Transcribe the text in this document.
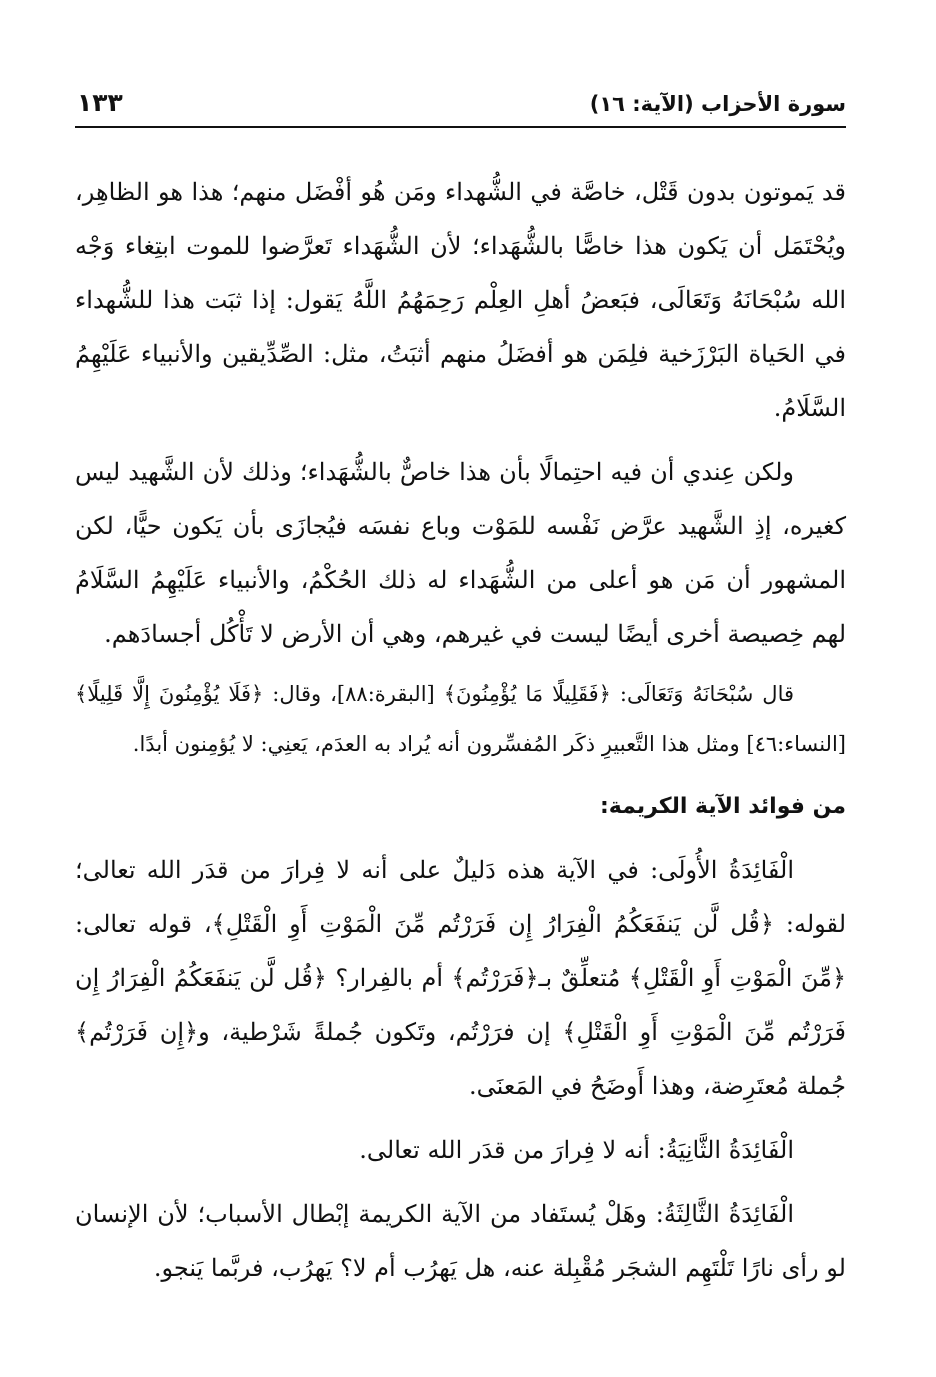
سورة الأحزاب (الآية: ١٦)
١٣٣

قد يَموتون بدون قَتْل، خاصَّة في الشُّهداء ومَن هُو أفْضَل منهم؛ هذا هو الظاهِر، ويُحْتَمَل أن يَكون هذا خاصًّا بالشُّهَداء؛ لأن الشُّهَداء تَعرَّضوا للموت ابتِغاء وَجْه الله سُبْحَانَهُ وَتَعَالَى، فبَعضُ أهلِ العِلْم رَحِمَهُمُ اللَّهُ يَقول: إذا ثبَت هذا للشُّهداء في الحَياة البَرْزَخية فلِمَن هو أفضَلُ منهم أثبَتُ، مثل: الصِّدِّيقين والأنبياء عَلَيْهِمُ السَّلَامُ.

ولكن عِندي أن فيه احتِمالًا بأن هذا خاصٌّ بالشُّهَداء؛ وذلك لأن الشَّهيد ليس كغيره، إذِ الشَّهيد عرَّض نَفْسه للمَوْت وباع نفسَه فيُجازَى بأن يَكون حيًّا، لكن المشهور أن مَن هو أعلى من الشُّهَداء له ذلك الحُكْمُ، والأنبياء عَلَيْهِمُ السَّلَامُ لهم خِصيصة أخرى أيضًا ليست في غيرهم، وهي أن الأرض لا تَأْكُل أجسادَهم.

قال سُبْحَانَهُ وَتَعَالَى: ﴿فَقَلِيلًا مَا يُؤْمِنُونَ﴾ [البقرة:٨٨]، وقال: ﴿فَلَا يُؤْمِنُونَ إِلَّا قَلِيلًا﴾ [النساء:٤٦] ومثل هذا التَّعبيرِ ذكَر المُفسِّرون أنه يُراد به العدَم، يَعنِي: لا يُؤمِنون أبدًا.

من فوائد الآية الكريمة:

الْفَائِدَةُ الأُولَى: في الآية هذه دَليلٌ على أنه لا فِرارَ من قدَر الله تعالى؛ لقوله: ﴿قُل لَّن يَنفَعَكُمُ الْفِرَارُ إِن فَرَرْتُم مِّنَ الْمَوْتِ أَوِ الْقَتْلِ﴾، قوله تعالى: ﴿مِّنَ الْمَوْتِ أَوِ الْقَتْلِ﴾ مُتعلِّقٌ بـ﴿فَرَرْتُم﴾ أم بالفِرار؟ ﴿قُل لَّن يَنفَعَكُمُ الْفِرَارُ إِن فَرَرْتُم مِّنَ الْمَوْتِ أَوِ الْقَتْلِ﴾ إن فرَرْتُم، وتَكون جُملةً شَرْطية، و﴿إِن فَرَرْتُم﴾ جُملة مُعتَرِضة، وهذا أَوضَحُ في المَعنَى.

الْفَائِدَةُ الثَّانِيَةُ: أنه لا فِرارَ من قدَر الله تعالى.

الْفَائِدَةُ الثَّالِثَةُ: وهَلْ يُستَفاد من الآية الكريمة إبْطال الأسباب؛ لأن الإنسان لو رأى نارًا تَلْتَهِم الشجَر مُقْبِلة عنه، هل يَهرُب أم لا؟ يَهرُب، فربَّما يَنجو.
